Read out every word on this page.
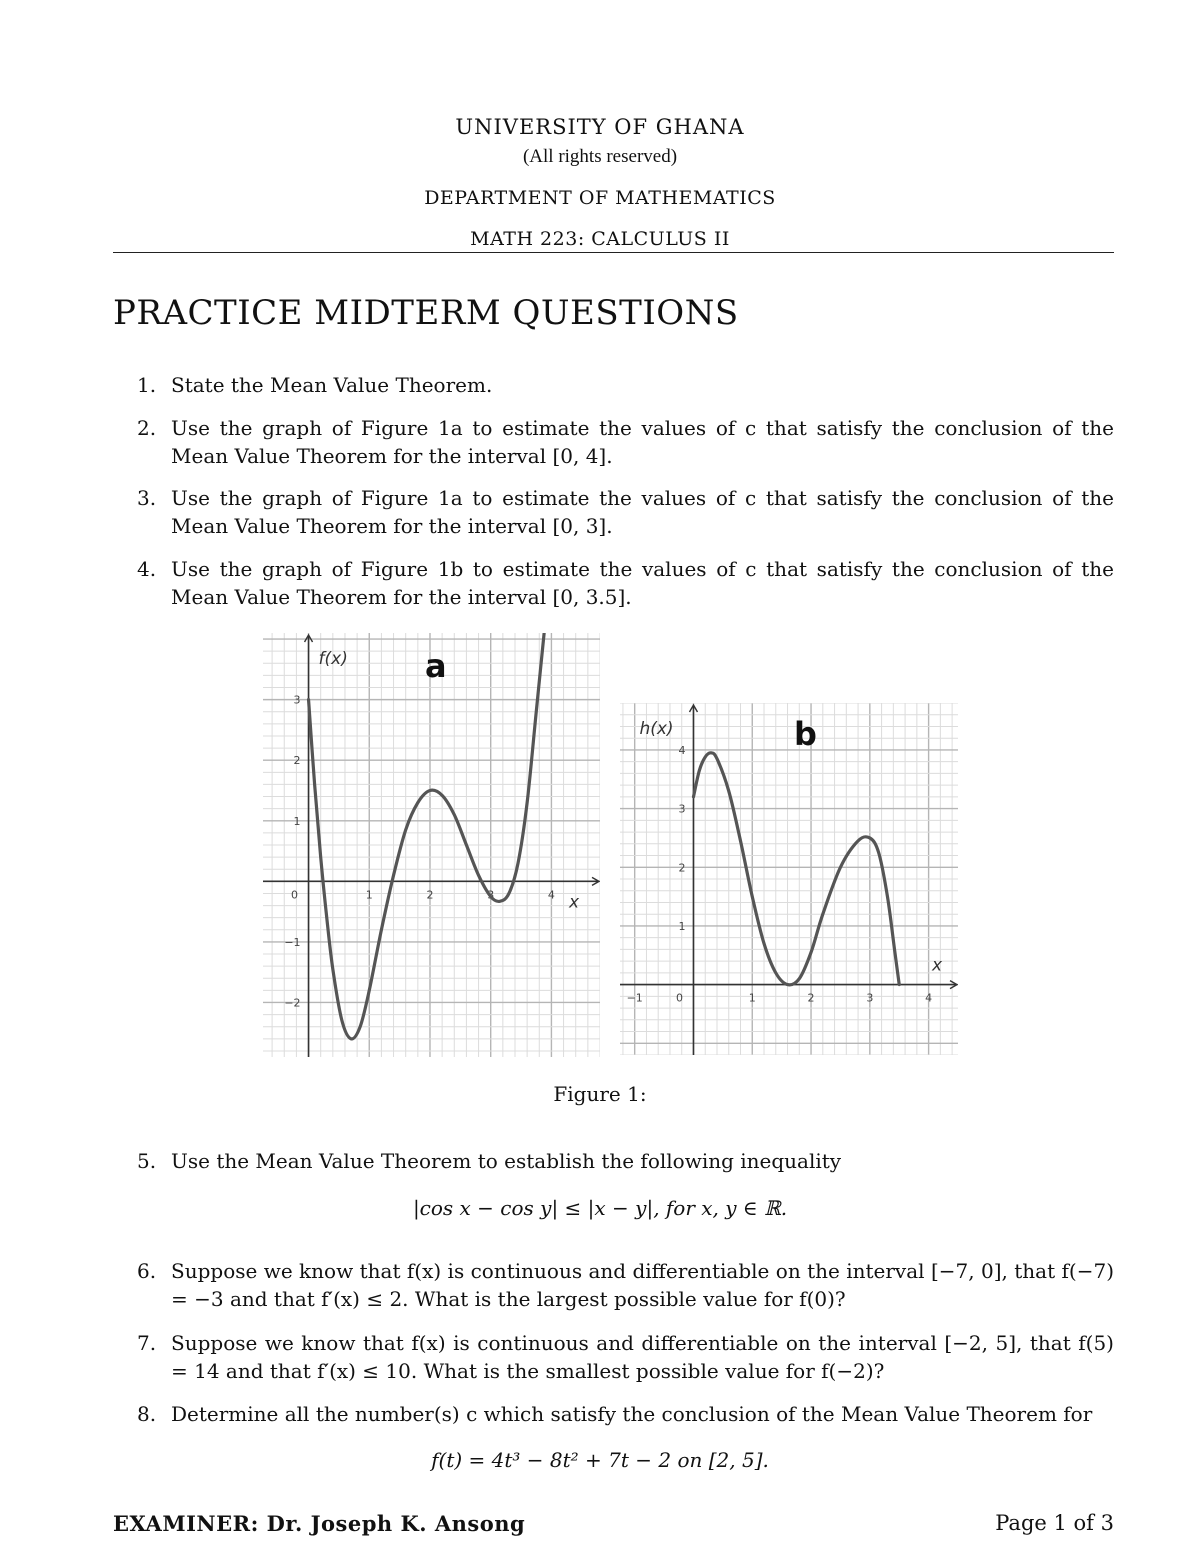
UNIVERSITY OF GHANA
(All rights reserved)
DEPARTMENT OF MATHEMATICS
MATH 223: CALCULUS II
PRACTICE MIDTERM QUESTIONS
1. State the Mean Value Theorem.
2. Use the graph of Figure 1a to estimate the values of c that satisfy the conclusion of the Mean Value Theorem for the interval [0, 4].
3. Use the graph of Figure 1a to estimate the values of c that satisfy the conclusion of the Mean Value Theorem for the interval [0, 3].
4. Use the graph of Figure 1b to estimate the values of c that satisfy the conclusion of the Mean Value Theorem for the interval [0, 3.5].
0	1	2	3	4
3
2
1
−1
−2
f(x)
x
a
−1	0	1	2	3	4
4
3
2
1
h(x)
x
b
Figure 1:
5. Use the Mean Value Theorem to establish the following inequality
|cos x − cos y| ≤ |x − y|, for x, y ∈ ℝ.
6. Suppose we know that f(x) is continuous and differentiable on the interval [−7, 0], that f(−7) = −3 and that f′(x) ≤ 2. What is the largest possible value for f(0)?
7. Suppose we know that f(x) is continuous and differentiable on the interval [−2, 5], that f(5) = 14 and that f′(x) ≤ 10. What is the smallest possible value for f(−2)?
8. Determine all the number(s) c which satisfy the conclusion of the Mean Value Theorem for
f(t) = 4t³ − 8t² + 7t − 2 on [2, 5].
EXAMINER: Dr. Joseph K. Ansong	Page 1 of 3
